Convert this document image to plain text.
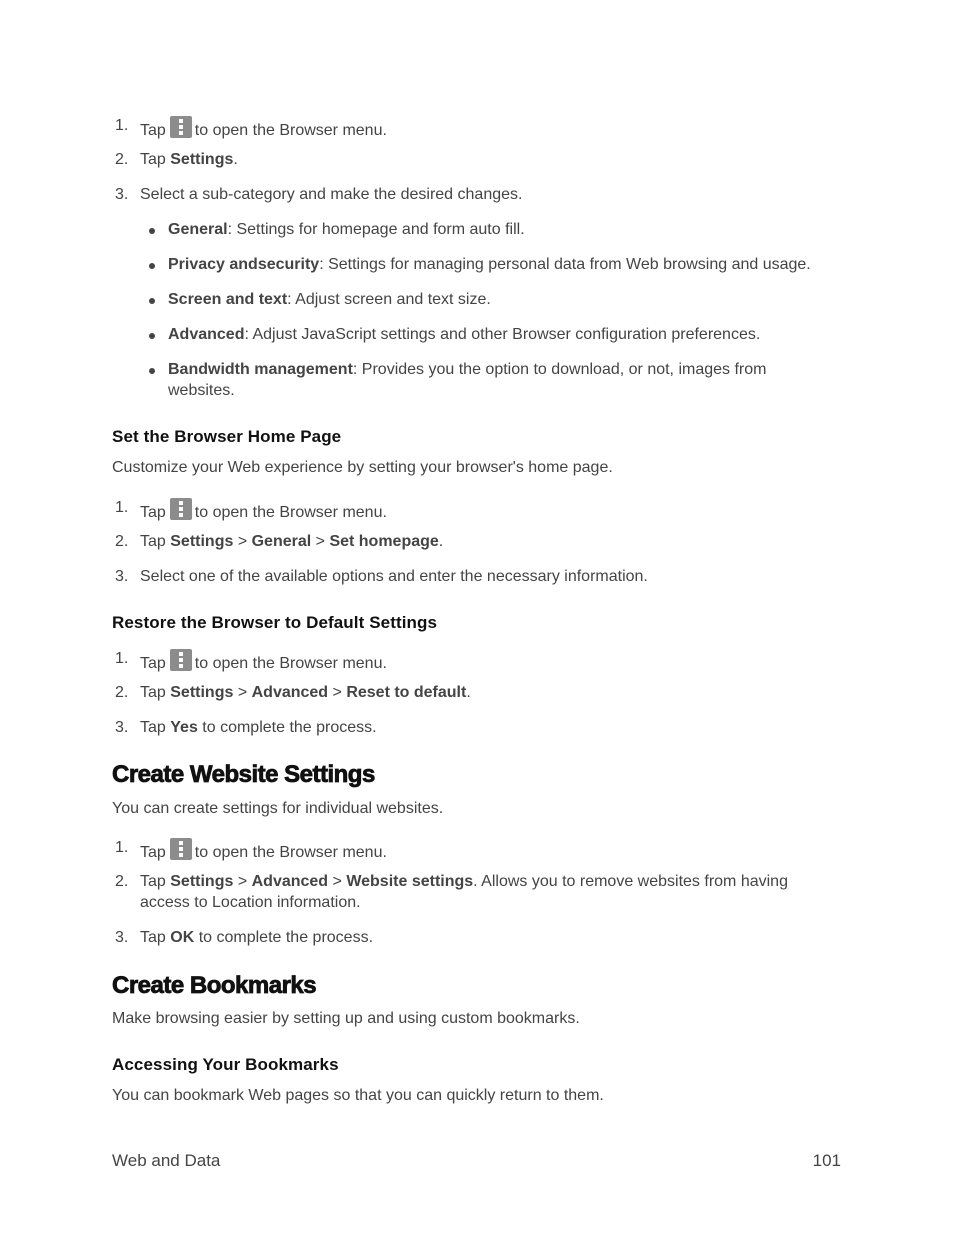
1. Tap to open the Browser menu.
2. Tap Settings.
3. Select a sub-category and make the desired changes.
General: Settings for homepage and form auto fill.
Privacy andsecurity: Settings for managing personal data from Web browsing and usage.
Screen and text: Adjust screen and text size.
Advanced: Adjust JavaScript settings and other Browser configuration preferences.
Bandwidth management: Provides you the option to download, or not, images from
websites.
Set the Browser Home Page
Customize your Web experience by setting your browser's home page.
1. Tap to open the Browser menu.
2. Tap Settings > General > Set homepage.
3. Select one of the available options and enter the necessary information.
Restore the Browser to Default Settings
1. Tap to open the Browser menu.
2. Tap Settings > Advanced > Reset to default.
3. Tap Yes to complete the process.
Create Website Settings
You can create settings for individual websites.
1. Tap to open the Browser menu.
2. Tap Settings > Advanced > Website settings. Allows you to remove websites from having
access to Location information.
3. Tap OK to complete the process.
Create Bookmarks
Make browsing easier by setting up and using custom bookmarks.
Accessing Your Bookmarks
You can bookmark Web pages so that you can quickly return to them.
Web and Data	101
